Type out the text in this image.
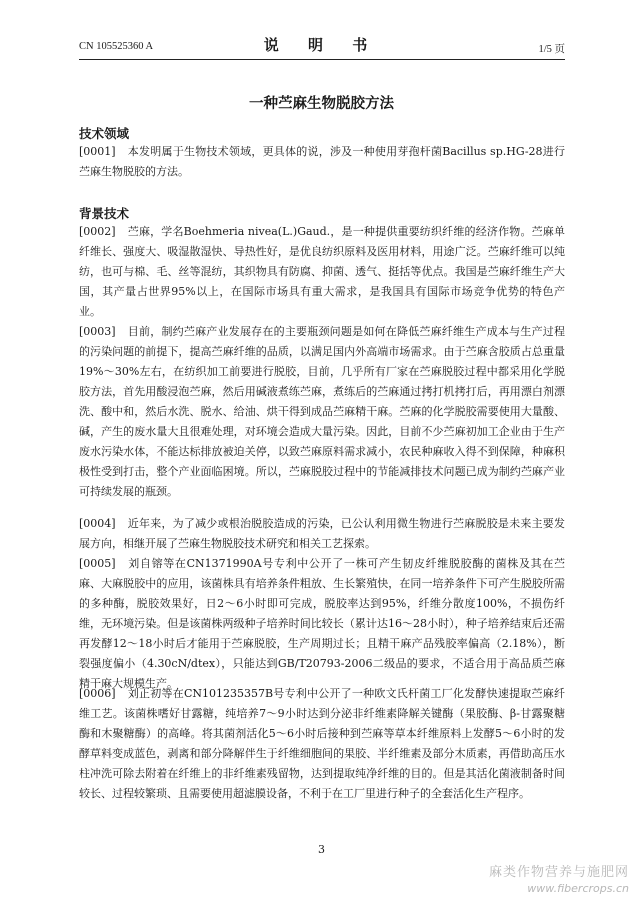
CN 105525360 A	说 明 书	1/5 页
一种苎麻生物脱胶方法
技术领域
[0001] 本发明属于生物技术领域，更具体的说，涉及一种使用芽孢杆菌Bacillus sp.HG-28进行苎麻生物脱胶的方法。
背景技术
[0002] 苎麻，学名Boehmeria nivea(L.)Gaud.，是一种提供重要纺织纤维的经济作物。苎麻单纤维长、强度大、吸湿散湿快、导热性好，是优良纺织原料及医用材料，用途广泛。苎麻纤维可以纯纺，也可与棉、毛、丝等混纺，其织物具有防腐、抑菌、透气、挺括等优点。我国是苎麻纤维生产大国，其产量占世界95%以上，在国际市场具有重大需求，是我国具有国际市场竞争优势的特色产业。
[0003] 目前，制约苎麻产业发展存在的主要瓶颈问题是如何在降低苎麻纤维生产成本与生产过程的污染问题的前提下，提高苎麻纤维的品质，以满足国内外高端市场需求。由于苎麻含胶质占总重量19%～30%左右，在纺织加工前要进行脱胶，目前，几乎所有厂家在苎麻脱胶过程中都采用化学脱胶方法，首先用酸浸泡苎麻，然后用碱液煮练苎麻，煮练后的苎麻通过拷打机拷打后，再用漂白剂漂洗、酸中和，然后水洗、脱水、给油、烘干得到成品苎麻精干麻。苎麻的化学脱胶需要使用大量酸、碱，产生的废水量大且很难处理，对环境会造成大量污染。因此，目前不少苎麻初加工企业由于生产废水污染水体，不能达标排放被迫关停，以致苎麻原料需求减小，农民种麻收入得不到保障，种麻积极性受到打击，整个产业面临困境。所以，苎麻脱胶过程中的节能减排技术问题已成为制约苎麻产业可持续发展的瓶颈。
[0004] 近年来，为了减少或根治脱胶造成的污染，已公认利用微生物进行苎麻脱胶是未来主要发展方向，相继开展了苎麻生物脱胶技术研究和相关工艺探索。
[0005] 刘自镕等在CN1371990A号专利中公开了一株可产生韧皮纤维脱胶酶的菌株及其在苎麻、大麻脱胶中的应用，该菌株具有培养条件粗放、生长繁殖快，在同一培养条件下可产生脱胶所需的多种酶，脱胶效果好，日2～6小时即可完成，脱胶率达到95%，纤维分散度100%，不损伤纤维，无环境污染。但是该菌株两级种子培养时间比较长（累计达16～28小时），种子培养结束后还需再发酵12～18小时后才能用于苎麻脱胶，生产周期过长；且精干麻产品残胶率偏高（2.18%），断裂强度偏小（4.30cN/dtex），只能达到GB/T20793-2006二级品的要求，不适合用于高品质苎麻精干麻大规模生产。
[0006] 刘正初等在CN101235357B号专利中公开了一种欧文氏杆菌工厂化发酵快速提取苎麻纤维工艺。该菌株嗜好甘露糖，纯培养7～9小时达到分泌非纤维素降解关键酶（果胶酶、β-甘露聚糖酶和木聚糖酶）的高峰。将其菌剂活化5～6小时后接种到苎麻等草本纤维原料上发酵5～6小时的发酵草料变成蓝色，剥离和部分降解伴生于纤维细胞间的果胶、半纤维素及部分木质素，再借助高压水柱冲洗可除去附着在纤维上的非纤维素残留物，达到提取纯净纤维的目的。但是其活化菌液制备时间较长、过程较繁琐、且需要使用超滤膜设备，不利于在工厂里进行种子的全套活化生产程序。
3
麻类作物营养与施肥网
www.fibercrops.cn
